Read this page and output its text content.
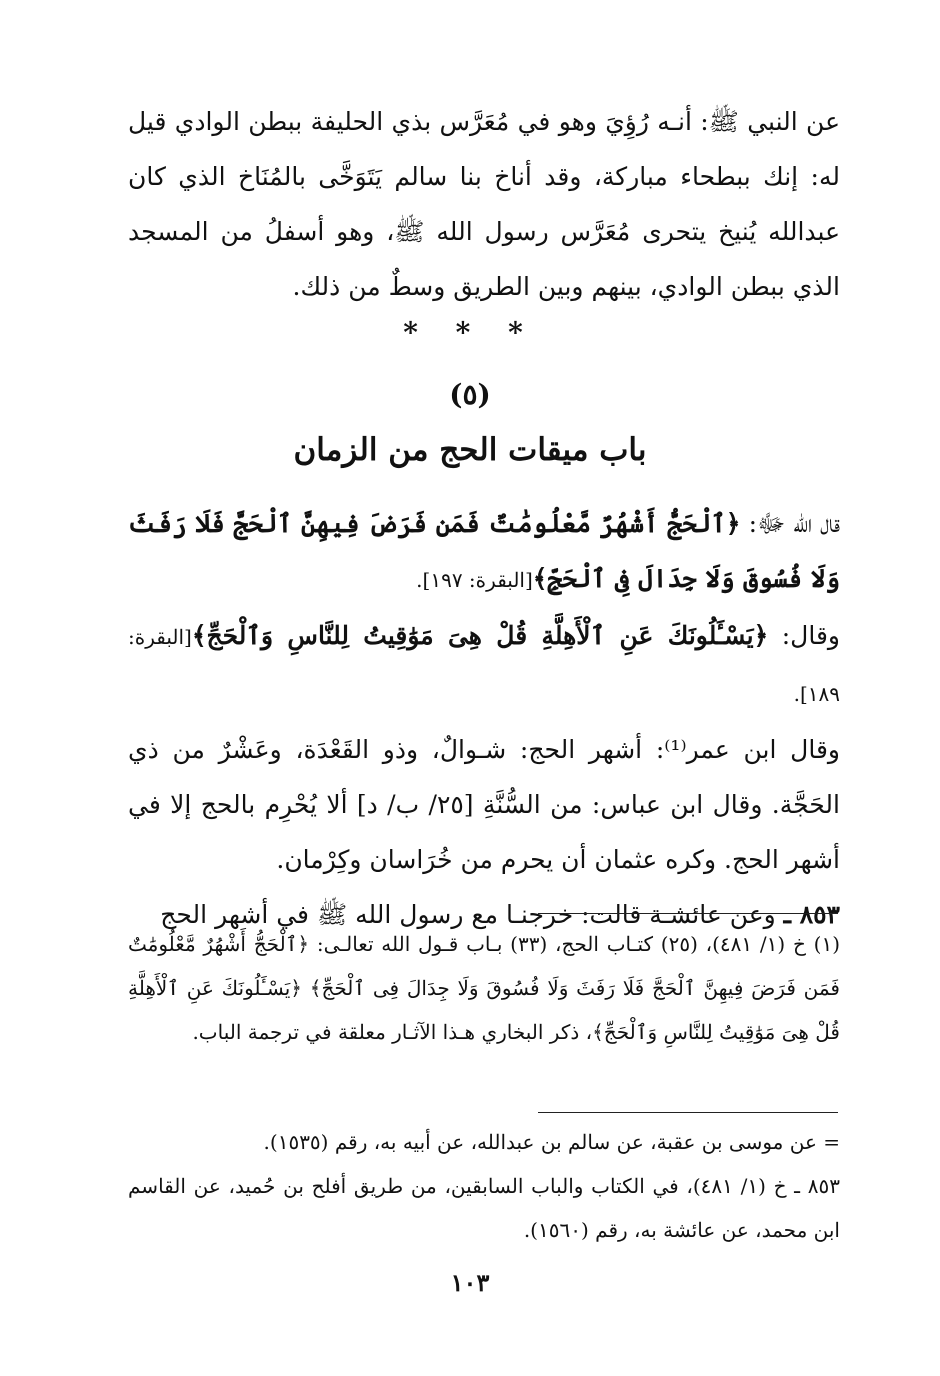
عن النبي ﷺ: أنـه رُؤِيَ وهو في مُعَرَّس بذي الحليفة ببطن الوادي قيل له: إنك ببطحاء مباركة، وقد أناخ بنا سالم يَتَوَخَّى بالمُنَاخ الذي كان عبدالله يُنيخ يتحرى مُعَرَّس رسول الله ﷺ، وهو أسفلُ من المسجد الذي ببطن الوادي، بينهم وبين الطريق وسطٌ من ذلك.

* * *
(٥)
باب ميقات الحج من الزمان

قال الله ﷻ: ﴿ٱلْحَجُّ أَشْهُرٌ مَّعْلُومَٰتٌ فَمَن فَرَضَ فِيهِنَّ ٱلْحَجَّ فَلَا رَفَثَ وَلَا فُسُوقَ وَلَا جِدَالَ فِى ٱلْحَجِّ﴾[البقرة: ١٩٧].

وقال: ﴿يَسْـَٔلُونَكَ عَنِ ٱلْأَهِلَّةِ قُلْ هِىَ مَوَٰقِيتُ لِلنَّاسِ وَٱلْحَجِّ﴾[البقرة: ١٨٩].

وقال ابن عمر⁽¹⁾: أشهر الحج: شـوالٌ، وذو القَعْدَة، وعَشْرٌ من ذي الحَجَّة. وقال ابن عباس: من السُّنَّةِ [٢٥/ ب/ د] ألا يُحْرِم بالحج إلا في أشهر الحج. وكره عثمان أن يحرم من خُرَاسان وكِرْمان.

٨٥٣ ـ وعن عائشـة قالت: خرجنـا مع رسول الله ﷺ في أشهر الحج

(١) خ (١/ ٤٨١)، (٢٥) كتـاب الحج، (٣٣) بـاب قـول الله تعالـى: ﴿ٱلْحَجُّ أَشْهُرٌ مَّعْلُومَٰتٌ فَمَن فَرَضَ فِيهِنَّ ٱلْحَجَّ فَلَا رَفَثَ وَلَا فُسُوقَ وَلَا جِدَالَ فِى ٱلْحَجِّ﴾ ﴿يَسْـَٔلُونَكَ عَنِ ٱلْأَهِلَّةِ قُلْ هِىَ مَوَٰقِيتُ لِلنَّاسِ وَٱلْحَجِّ﴾، ذكر البخاري هـذا الآثـار معلقة في ترجمة الباب.

= عن موسى بن عقبة، عن سالم بن عبدالله، عن أبيه به، رقم (١٥٣٥).

٨٥٣ ـ خ (١/ ٤٨١)، في الكتاب والباب السابقين، من طريق أفلح بن حُميد، عن القاسم ابن محمد، عن عائشة به، رقم (١٥٦٠).

١٠٣
